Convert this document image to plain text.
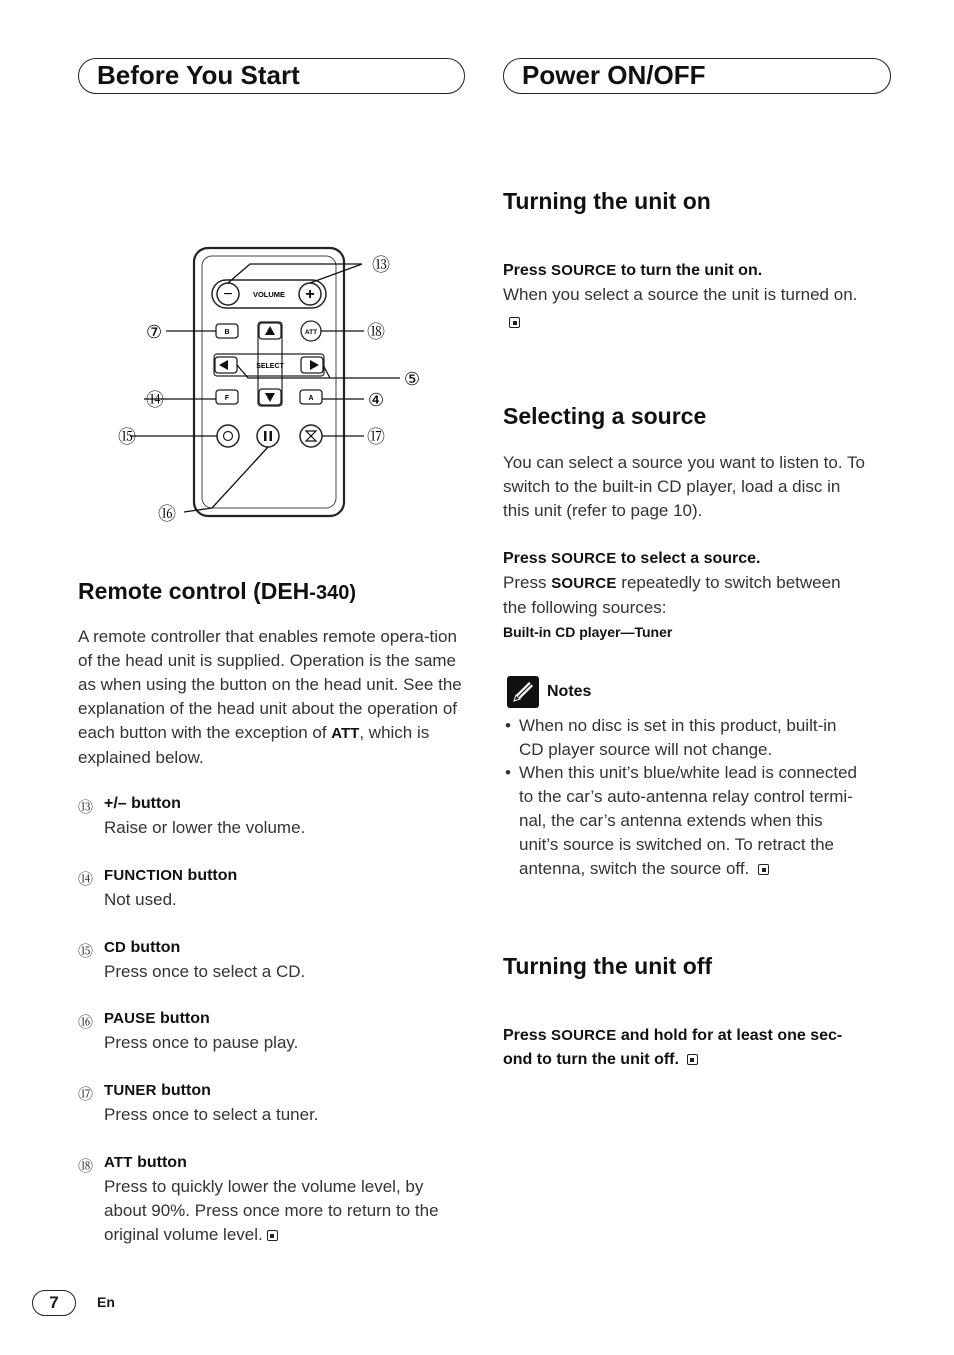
Before You Start	Power ON/OFF
−	+
VOLUME
B	ATT
SELECT
F	A
⑬
⑦	⑱
⑤
⑭	④
⑮	⑰
⑯
Remote control (DEH-340)
A remote controller that enables remote opera-tion of the head unit is supplied. Operation is the same as when using the button on the head unit. See the explanation of the head unit about the operation of each button with the exception of ATT, which is explained below.
⑬ +/– button
Raise or lower the volume.
⑭ FUNCTION button
Not used.
⑮ CD button
Press once to select a CD.
⑯ PAUSE button
Press once to pause play.
⑰ TUNER button
Press once to select a tuner.
⑱ ATT button
Press to quickly lower the volume level, by
about 90%. Press once more to return to the
original volume level.
Turning the unit on
Press SOURCE to turn the unit on.
When you select a source the unit is turned on.
Selecting a source
You can select a source you want to listen to. To
switch to the built-in CD player, load a disc in
this unit (refer to page 10).
Press SOURCE to select a source.
Press SOURCE repeatedly to switch between
the following sources:
Built-in CD player—Tuner
Notes
• When no disc is set in this product, built-in
CD player source will not change.
• When this unit’s blue/white lead is connected
to the car’s auto-antenna relay control termi-
nal, the car’s antenna extends when this
unit’s source is switched on. To retract the
antenna, switch the source off.
Turning the unit off
Press SOURCE and hold for at least one sec-
ond to turn the unit off.
7	En
